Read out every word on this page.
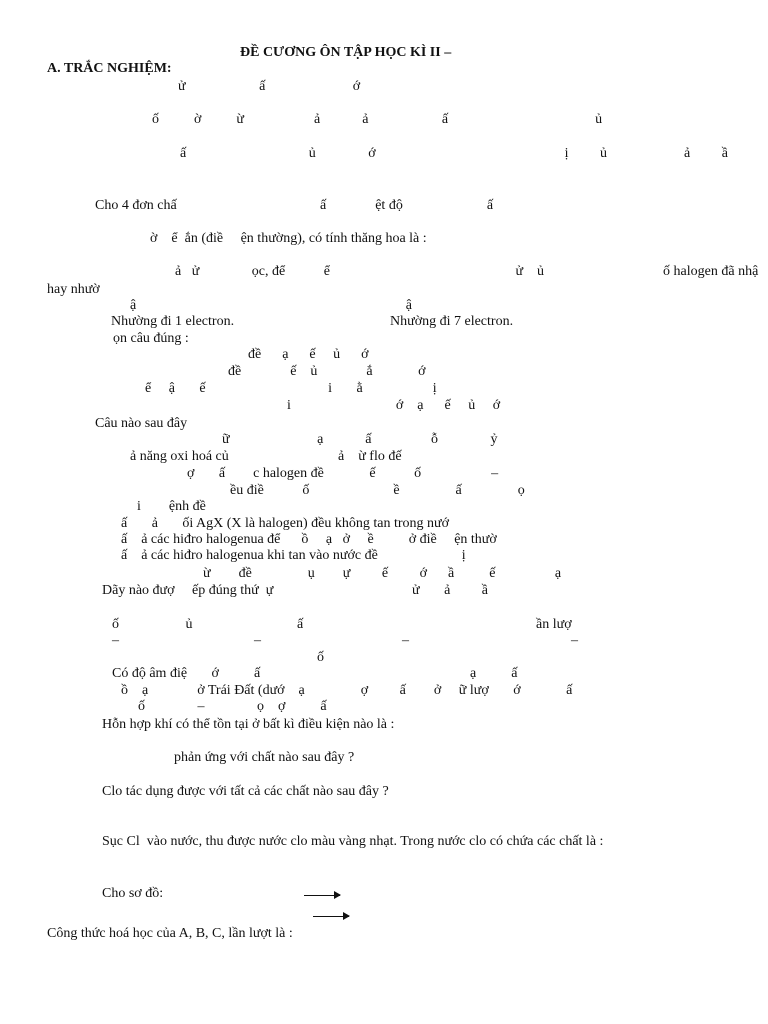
ĐỀ CƯƠNG ÔN TẬP HỌC KÌ II –
A. TRẮC NGHIỆM:
ử                     ấ                         ớ
ố          ờ          ừ                    ả            ả                     ấ                                          ủ
ấ                                   ủ               ớ                                                      ị         ủ                      ả         ầ
Cho 4 đơn chấ	ấ              ệt độ                        ấ
ờ    ể  ắn (điề     ện thường), có tính thăng hoa là :
ả   ử               ọc, để           ể                                                     ử    ủ                                  ố halogen đã nhậ
hay nhườ
ậ                                                                             ậ
Nhường đi 1 electron.	Nhường đi 7 electron.
ọn câu đúng :
đề      ạ      ế     ủ      ớ
đề              ế    ủ              ắ             ớ
ể     ậ       ế                                   i       ằ                    ị
i                              ớ    ạ      ế     ủ     ớ
Câu nào sau đây
ữ                         ạ            ấ                 ỗ               ỷ
ả năng oxi hoá củ	ả    ừ flo đế
ợ       ấ        c halogen đề             ế           ố                    –
ều điề           ố                        ề                ấ                ọ
i        ệnh đề
ấ       ả       ối AgX (X là halogen) đều không tan trong nướ
ấ    ả các hiđro halogenua để      ồ     ạ   ở     ề          ở điề     ện thườ
ấ    ả các hiđro halogenua khi tan vào nước đề                        ị
ừ        đề                ụ        ự         ế         ớ      ầ          ế                 ạ
Dãy nào đượ     ếp đúng thứ  ự	ử       ả         ầ
ố                   ủ	ấ	ần lượ
–	–	–	–
ố
Có độ âm điệ       ớ          ấ	ạ          ấ
ồ    ạ              ở Trái Đất (dướ    ạ                ợ         ấ        ở     ữ lượ       ớ             ấ
ố               –               ọ    ợ          ấ
Hỗn hợp khí có thể tồn tại ở bất kì điều kiện nào là :
phản ứng với chất nào sau đây ?
Clo tác dụng được với tất cả các chất nào sau đây ?
Sục Cl  vào nước, thu được nước clo màu vàng nhạt. Trong nước clo có chứa các chất là :
Cho sơ đồ:
Công thức hoá học của A, B, C, lần lượt là :
